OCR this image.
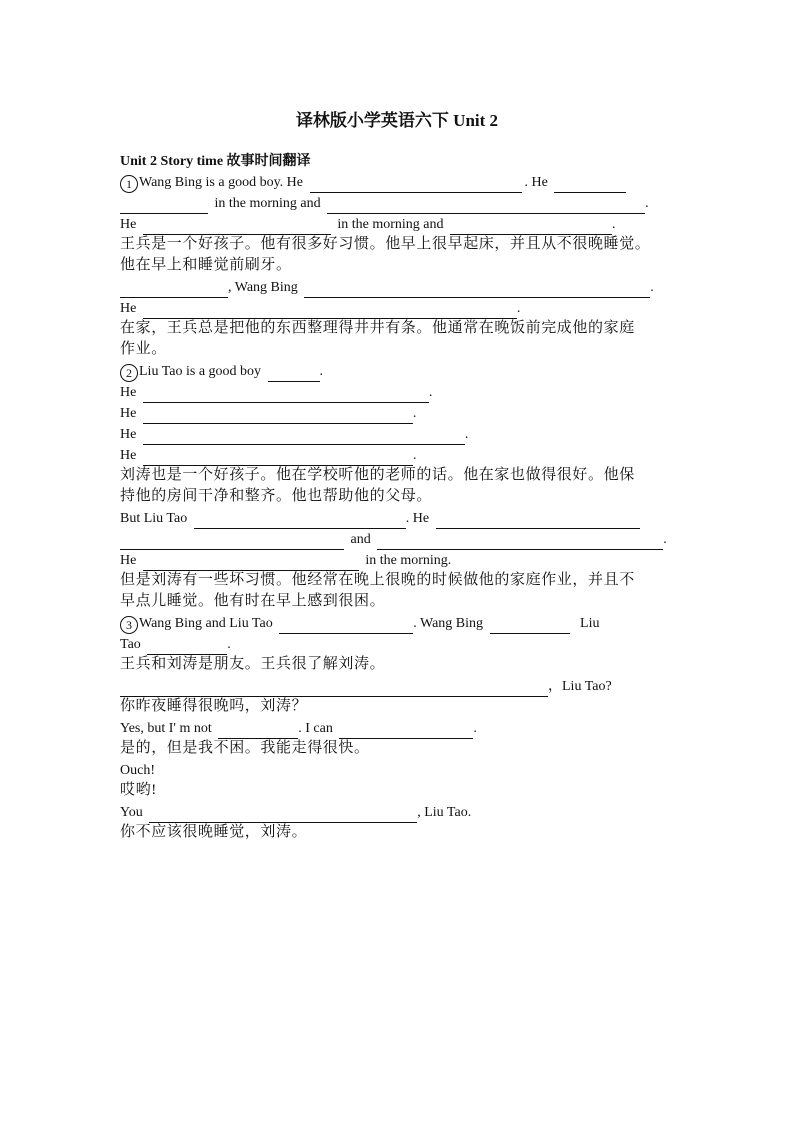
译林版小学英语六下 Unit 2
Unit 2 Story time 故事时间翻译
1 Wang Bing is a good boy. He	. He
in the morning and	.
He	in the morning and	.
王兵是一个好孩子。他有很多好习惯。他早上很早起床，并且从不很晚睡觉。
他在早上和睡觉前刷牙。
, Wang Bing	.
He	.
在家，王兵总是把他的东西整理得井井有条。他通常在晚饭前完成他的家庭
作业。
2 Liu Tao is a good boy	.
He	.
He	.
He	.
He	.
刘涛也是一个好孩子。他在学校听他的老师的话。他在家也做得很好。他保
持他的房间干净和整齐。他也帮助他的父母。
But Liu Tao	. He
and	.
He	in the morning.
但是刘涛有一些坏习惯。他经常在晚上很晚的时候做他的家庭作业，并且不
早点儿睡觉。他有时在早上感到很困。
3 Wang Bing and Liu Tao	. Wang Bing	Liu
Tao	.
王兵和刘涛是朋友。王兵很了解刘涛。
，Liu Tao?
你昨夜睡得很晚吗，刘涛？
Yes, but I' m not	. I can	.
是的，但是我不困。我能走得很快。
Ouch!
哎哟!
You	, Liu Tao.
你不应该很晚睡觉，刘涛。
